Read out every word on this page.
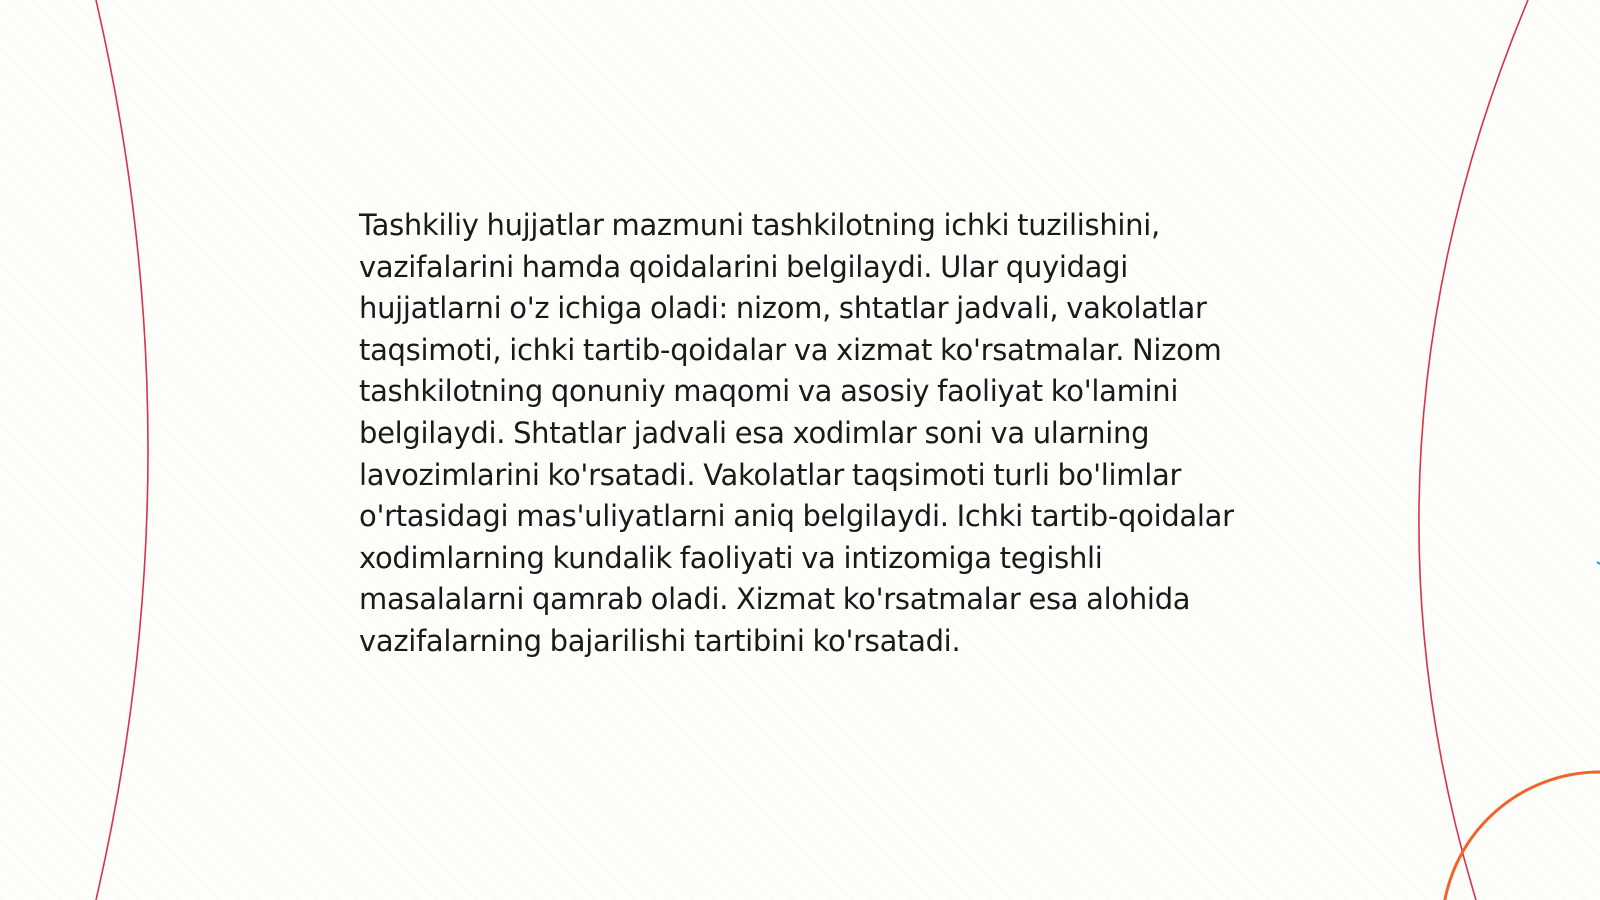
Tashkiliy hujjatlar mazmuni tashkilotning ichki tuzilishini, vazifalarini hamda qoidalarini belgilaydi. Ular quyidagi hujjatlarni o'z ichiga oladi: nizom, shtatlar jadvali, vakolatlar taqsimoti, ichki tartib-qoidalar va xizmat ko'rsatmalar. Nizom tashkilotning qonuniy maqomi va asosiy faoliyat ko'lamini belgilaydi. Shtatlar jadvali esa xodimlar soni va ularning lavozimlarini ko'rsatadi. Vakolatlar taqsimoti turli bo'limlar o'rtasidagi mas'uliyatlarni aniq belgilaydi. Ichki tartib-qoidalar xodimlarning kundalik faoliyati va intizomiga tegishli masalalarni qamrab oladi. Xizmat ko'rsatmalar esa alohida vazifalarning bajarilishi tartibini ko'rsatadi.
